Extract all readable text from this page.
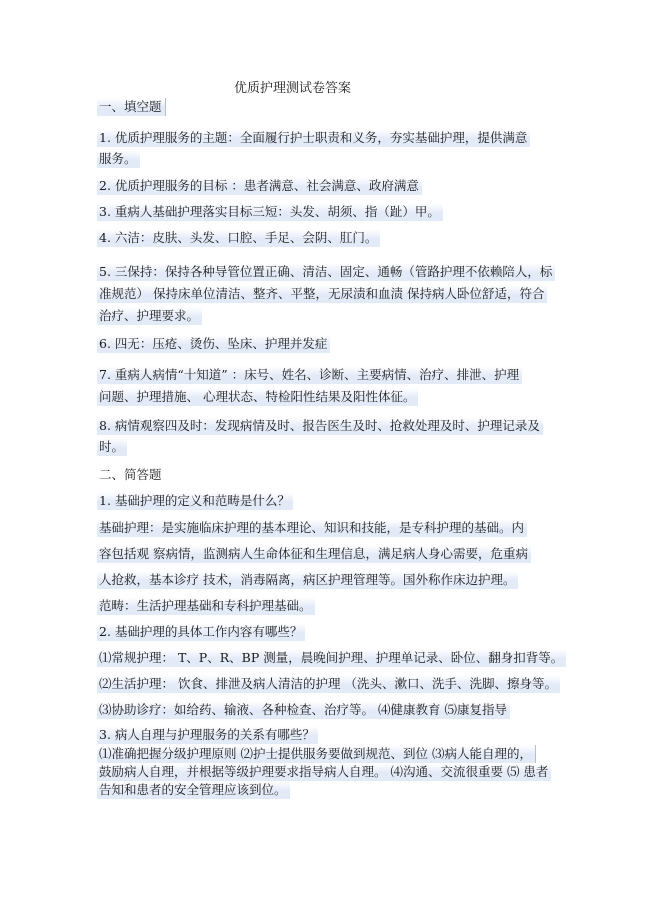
优质护理测试卷答案
一、填空题
1. 优质护理服务的主题：全面履行护士职责和义务，夯实基础护理，提供满意
服务。
2. 优质护理服务的目标 ：患者满意、社会满意、政府满意
3. 重病人基础护理落实目标三短：头发、胡须、指（趾）甲。
4. 六洁：皮肤、头发、口腔、手足、会阴、肛门。
5. 三保持：保持各种导管位置正确、清洁、固定、通畅（管路护理不依赖陪人，标
准规范） 保持床单位清洁、整齐、平整，无尿渍和血渍 保持病人卧位舒适，符合
治疗、护理要求。
6. 四无：压疮、烫伤、坠床、护理并发症
7. 重病人病情“十知道” ：床号、姓名、诊断、主要病情、治疗、排泄、护理
问题、护理措施、 心理状态、特检阳性结果及阳性体征。
8. 病情观察四及时：发现病情及时、报告医生及时、抢救处理及时、护理记录及
时。
二、简答题
1. 基础护理的定义和范畴是什么？
基础护理：是实施临床护理的基本理论、知识和技能，是专科护理的基础。内
容包括观 察病情，监测病人生命体征和生理信息，满足病人身心需要，危重病
人抢救，基本诊疗 技术，消毒隔离，病区护理管理等。国外称作床边护理。
范畴：生活护理基础和专科护理基础。
2. 基础护理的具体工作内容有哪些？
⑴常规护理： T、P、R、BP 测量，晨晚间护理、护理单记录、卧位、翻身扣背等。
⑵生活护理： 饮食、排泄及病人清洁的护理 （洗头、漱口、洗手、洗脚、擦身等。
⑶协助诊疗：如给药、输液、各种检查、治疗等。 ⑷健康教育 ⑸康复指导
3. 病人自理与护理服务的关系有哪些？
⑴准确把握分级护理原则 ⑵护士提供服务要做到规范、到位 ⑶病人能自理的，
鼓励病人自理，并根据等级护理要求指导病人自理。 ⑷沟通、交流很重要 ⑸ 患者
告知和患者的安全管理应该到位。
